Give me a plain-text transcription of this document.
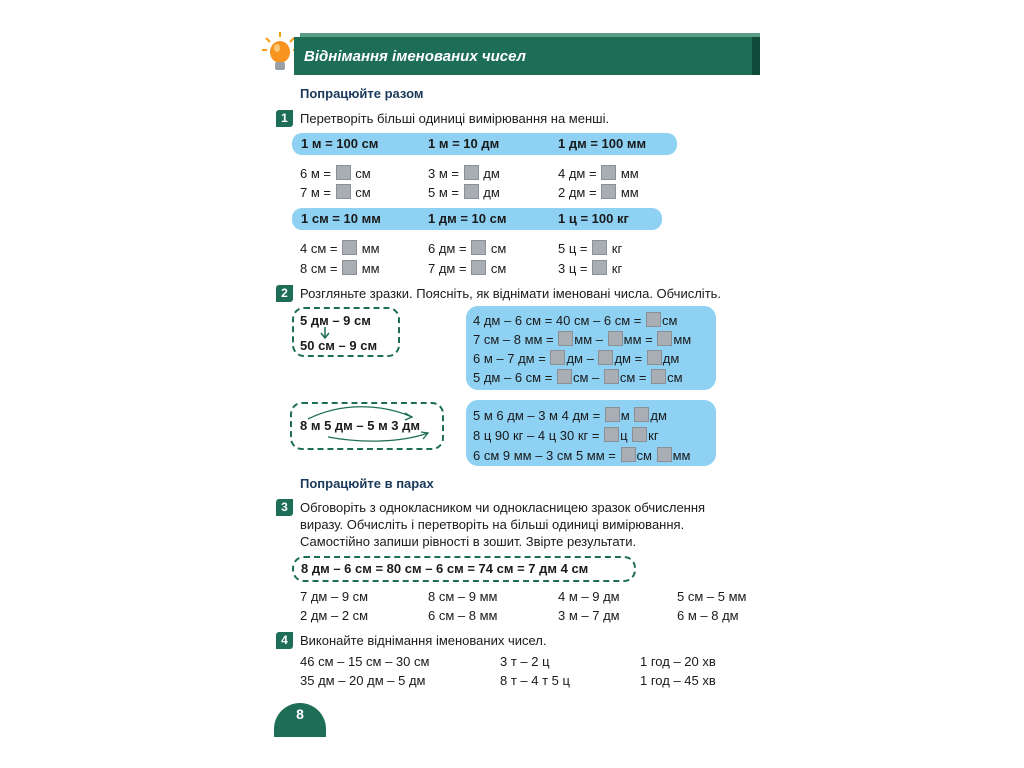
Віднімання іменованих чисел
Попрацюйте разом
1 Перетворіть більші одиниці вимірювання на менші.
1 м = 100 см	1 м = 10 дм	1 дм = 100 мм
6 м = см	3 м = дм	4 дм = мм
7 м = см	5 м = дм	2 дм = мм
1 см = 10 мм	1 дм = 10 см	1 ц = 100 кг
4 см = мм	6 дм = см	5 ц = кг
8 см = мм	7 дм = см	3 ц = кг
2 Розгляньте зразки. Поясніть, як віднімати іменовані числа. Обчисліть.
5 дм – 9 см
50 см – 9 см
4 дм – 6 см = 40 см – 6 см = см
7 см – 8 мм = мм – мм = мм
6 м – 7 дм = дм – дм = дм
5 дм – 6 см = см – см = см
8 м 5 дм – 5 м 3 дм
5 м 6 дм – 3 м 4 дм = м дм
8 ц 90 кг – 4 ц 30 кг = ц кг
6 см 9 мм – 3 см 5 мм = см мм
Попрацюйте в парах
3 Обговоріть з однокласником чи однокласницею зразок обчислення
виразу. Обчисліть і перетворіть на більші одиниці вимірювання.
Самостійно запиши рівності в зошит. Звірте результати.
8 дм – 6 см = 80 см – 6 см = 74 см = 7 дм 4 см
7 дм – 9 см	8 см – 9 мм	4 м – 9 дм	5 см – 5 мм
2 дм – 2 см	6 см – 8 мм	3 м – 7 дм	6 м – 8 дм
4 Виконайте віднімання іменованих чисел.
46 см – 15 см – 30 см	3 т – 2 ц	1 год – 20 хв
35 дм – 20 дм – 5 дм	8 т – 4 т 5 ц	1 год – 45 хв
8
